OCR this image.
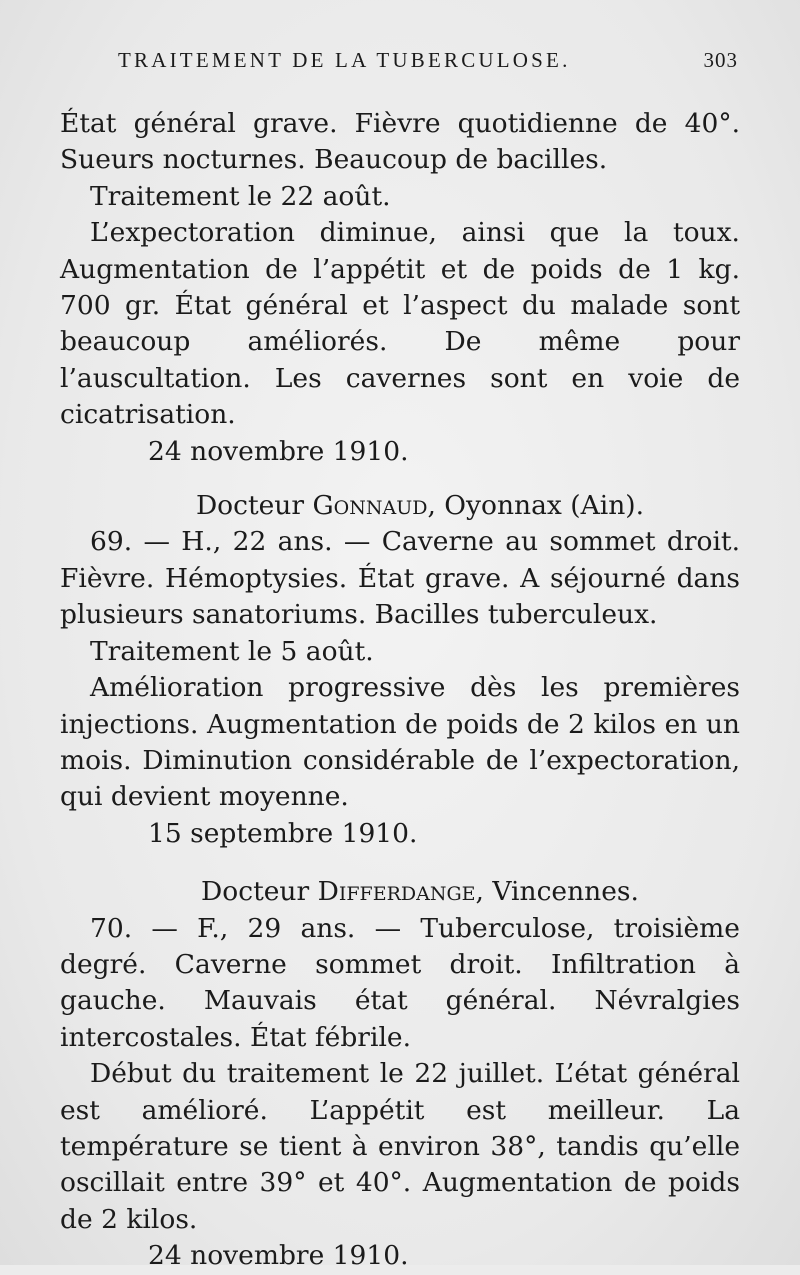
TRAITEMENT DE LA TUBERCULOSE.	303

État général grave. Fièvre quotidienne de 40°. Sueurs nocturnes. Beaucoup de bacilles.

Traitement le 22 août.

L’expectoration diminue, ainsi que la toux. Augmentation de l’appétit et de poids de 1 kg. 700 gr. État général et l’aspect du malade sont beaucoup améliorés. De même pour l’auscultation. Les cavernes sont en voie de cicatrisation.

24 novembre 1910.

Docteur Gonnaud, Oyonnax (Ain).

69. — H., 22 ans. — Caverne au sommet droit. Fièvre. Hémoptysies. État grave. A séjourné dans plusieurs sanatoriums. Bacilles tuberculeux.

Traitement le 5 août.

Amélioration progressive dès les premières injections. Augmentation de poids de 2 kilos en un mois. Diminution considérable de l’expectoration, qui devient moyenne.

15 septembre 1910.

Docteur Differdange, Vincennes.

70. — F., 29 ans. — Tuberculose, troisième degré. Caverne sommet droit. Infiltration à gauche. Mauvais état général. Névralgies intercostales. État fébrile.

Début du traitement le 22 juillet. L’état général est amélioré. L’appétit est meilleur. La température se tient à environ 38°, tandis qu’elle oscillait entre 39° et 40°. Augmentation de poids de 2 kilos.

24 novembre 1910.
